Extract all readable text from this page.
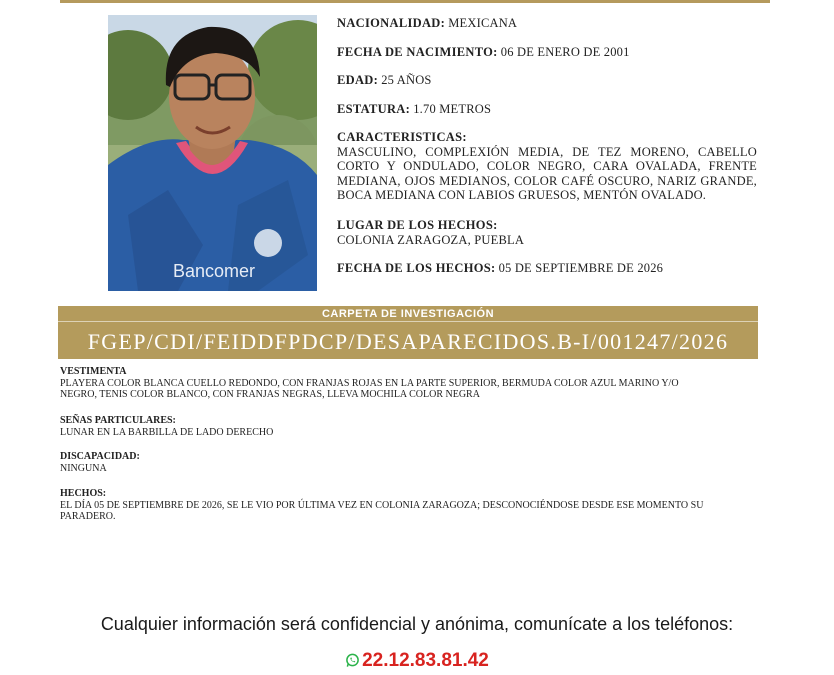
Bancomer
NACIONALIDAD: MEXICANA
FECHA DE NACIMIENTO: 06 DE ENERO DE 2001
EDAD: 25 AÑOS
ESTATURA: 1.70 METROS
CARACTERISTICAS:
MASCULINO, COMPLEXIÓN MEDIA, DE TEZ MORENO, CABELLO
CORTO Y ONDULADO, COLOR NEGRO, CARA OVALADA, FRENTE
MEDIANA, OJOS MEDIANOS, COLOR CAFÉ OSCURO, NARIZ GRANDE,
BOCA MEDIANA CON LABIOS GRUESOS, MENTÓN OVALADO.
LUGAR DE LOS HECHOS:
COLONIA ZARAGOZA, PUEBLA
FECHA DE LOS HECHOS: 05 DE SEPTIEMBRE DE 2026
CARPETA DE INVESTIGACIÓN
FGEP/CDI/FEIDDFPDCP/DESAPARECIDOS.B-I/001247/2026
VESTIMENTA
PLAYERA COLOR BLANCA CUELLO REDONDO, CON FRANJAS ROJAS EN LA PARTE SUPERIOR, BERMUDA COLOR AZUL MARINO Y/O
NEGRO, TENIS COLOR BLANCO, CON FRANJAS NEGRAS, LLEVA MOCHILA COLOR NEGRA
SEÑAS PARTICULARES:
LUNAR EN LA BARBILLA DE LADO DERECHO
DISCAPACIDAD:
NINGUNA
HECHOS:
EL DÍA 05 DE SEPTIEMBRE DE 2026, SE LE VIO POR ÚLTIMA VEZ EN COLONIA ZARAGOZA; DESCONOCIÉNDOSE DESDE ESE MOMENTO SU
PARADERO.
Cualquier información será confidencial y anónima, comunícate a los teléfonos:
22.12.83.81.42
